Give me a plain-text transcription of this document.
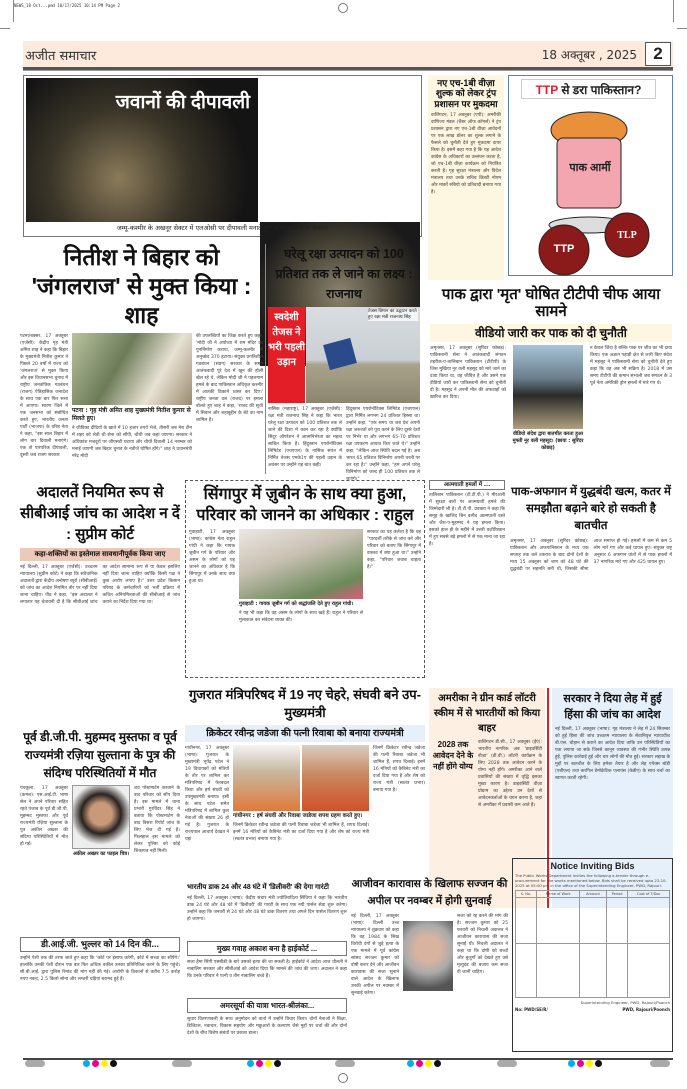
NEWS_18 Oct...pmd 10/17/2025 10:14 PM Page 2
अजीत समाचार	18 अक्तूबर , 2025 2
जवानों की दीपावली
जम्मू-कश्मीर के अखनूर सेक्टर में एलओसी पर दीपावली मनाते हुए भारतीय सेना के जवान।
नए एच-1बी वीज़ा शुल्क को लेकर ट्रंप प्रशासन पर मुकदमा
वाशिंगटन, 17 अक्तूबर (एपी): अमरीकी वाणिज्य मंडल (चैंबर ऑफ कॉमर्स) ने ट्रंप प्रशासन द्वारा नए एच-1बी वीज़ा आवेदनों पर एक लाख डॉलर का शुल्क लगाने के फैसले को चुनौती देते हुए मुकदमा दायर किया है। इसमें कहा गया है कि यह आदेश कांग्रेस के अधिकारों का उल्लंघन करता है, जो एच-1बी वीज़ा कार्यक्रम को नियंत्रित करती है। गृह सुरक्षा मंत्रालय और विदेश मंत्रालय तथा उनके सचिव क्रिस्टी नोएम और मार्को रुबियो को प्रतिवादी बनाया गया है।
TTP
TLP
TTP से डरा पाकिस्तान?
पाक आर्मी
नितीश ने बिहार को 'जंगलराज' से मुक्त किया : शाह
पटना/बक्सर, 17 अक्तूबर (एजेंसी): केंद्रीय गृह मंत्री अमित शाह ने कहा कि बिहार के मुख्यमंत्री नितीश कुमार ने पिछले 20 वर्षों में राज्य को 'जंगलराज' से मुक्त किया और इस विधानसभा चुनाव में राष्ट्रीय जनतांत्रिक गठबंधन (राजग) ऐतिहासिक जनादेश के साथ एक बार फिर सत्ता में आएगा। सारण जिले में एक जनसभा को संबोधित करते हुए, भारतीय जनता पार्टी (भाजपा) के वरिष्ठ नेता ने कहा, "इस साल बिहार में लोग चार दिवाली मनाएंगे। एक तो पारंपरिक दीपावली, दूसरी जब राजग सरकार
पटना : गृह मंत्री अमित शाह मुख्यमंत्री नितीश कुमार से मिलते हुए।
ने जीविका दीदियों के खाते में 10 हजार रुपये भेजे, तीसरी जब मेरा टीम में शहर को लेती थी सेना को सौंपी, चौथी जब कहां जाएगा। सरकार ने अधिकांश मजदूरों पर जीएसटी घटाया और चौथी दिवाली 14 नवम्बर को मनाई जाएगी जब बिहार चुनाव के नतीजे घोषित होंगे।" शाह ने प्रधानमंत्री नरेंद्र मोदी
की उपलब्धियों का जिक्र करते हुए कहा, 'मोदी जी ने अयोध्या में राम मंदिर का पुनर्निर्माण कराया, जम्मू-कश्मीर से अनुच्छेद 370 हटाया। संयुक्त प्रगतिशील गठबंधन (संप्रग) सरकार के समय आतंकवादी पूरे देश में खून की होली खेल रहे थे, लेकिन मोदी जी ने पहलगाम हमले के बाद पाकिस्तान अधिकृत कश्मीर में आतंकी ठिकाने ध्वस्त कर दिए।' राष्ट्रीय जनता दल (राजद) पर हमला बोलते हुए शाह ने कहा, 'राजद की सूची में सिवान और शहाबुद्दीन के बेटे का नाम शामिल है।
घरेलू रक्षा उत्पादन को 100 प्रतिशत तक ले जाने का लक्ष्य : राजनाथ
स्वदेशी तेजस ने भरी पहली उड़ान
तेजस विमान का उद्घाटन करते हुए रक्षा मंत्री राजनाथ सिंह
नासिक (महाराष्ट्र), 17 अक्तूबर (एजेंसी): रक्षा मंत्री राजनाथ सिंह ने कहा कि भारत घरेलू रक्षा उत्पादन को 100 प्रतिशत तक ले जाने की दिशा में काम कर रहा है क्योंकि सिंदूर ऑपरेशन ने आत्मनिर्भरता का महत्व साबित किया है। हिंदुस्तान एयरोनॉटिक्स लिमिटेड (एचएएल) के नासिक संयंत्र में निर्मित तेजस एमके1ए की पहली उड़ान के अवसर पर उन्होंने यह बात कही।
हिंदुस्तान एयरोनॉटिक्स लिमिटेड (एचएएल) द्वारा निर्मित लगभग 24 प्रतिशत हिस्सा था। उन्होंने कहा, "एक समय था जब देश अपनी रक्षा जरूरतों को पूरा करने के लिए दूसरे देशों पर निर्भर था और लगभग 65-70 प्रतिशत रक्षा उपकरण आयात किए जाते थे।" उन्होंने कहा, "लेकिन आज स्थिति बदल गई है। अब भारत 65 प्रतिशत विनिर्माण अपनी धरती पर कर रहा है।" उन्होंने कहा, "हम अपने घरेलू विनिर्माण को जल्द ही 100 प्रतिशत तक ले जाएंगे।"
पाक द्वारा 'मृत' घोषित टीटीपी चीफ आया सामने
वीडियो जारी कर पाक को दी चुनौती
अमृतसर, 17 अक्तूबर (सुरिंदर कोछड़): पाकिस्तानी सेना ने आतंकवादी संगठन तहरीक-ए-तालिबान पाकिस्तान (टीटीपी) के जिस मुखिया नूर वली महसूद को मारे जाने का दावा किया था, वह जीवित है और उसने एक वीडियो जारी कर पाकिस्तानी सेना को चुनौती दी है। महसूद ने अपनी मौत की अफवाहों को खारिज कर दिया।
वीडियो संदेश द्वारा बातचीत करता हुआ मुफ्ती नूर वली महसूद। (छाया : सुरिंदर कोछड़)
न केवल जिंदा है बल्कि पाक पर जीत का भी दावा किया। एक अज्ञात पहाड़ी क्षेत्र से जारी किए संदेश में महसूद ने पाकिस्तानी सेना को चुनौती देते हुए कहा कि वह अब भी सक्रिय है। 2018 में उस समय टीटीपी की कमान संभाली जब संगठन के 3 पूर्व नेता अमेरिकी ड्रोन हमलों में मारे गए थे।
अदालतें नियमित रूप से सीबीआई जांच का आदेश न दें : सुप्रीम कोर्ट
कहा-शक्तियों का इस्तेमाल सावधानीपूर्वक किया जाए
नई दिल्ली, 17 अक्तूबर (एजेंसी): उच्चतम न्यायालय (सुप्रीम कोर्ट) ने कहा कि संवैधानिक अदालतों द्वारा केंद्रीय अन्वेषण ब्यूरो (सीबीआई) को जांच का आदेश नियमित तौर पर नहीं दिया जाना चाहिए। पीठ ने कहा, "इस अदालत ने लगातार यह चेतावनी दी है कि सीबीआई जांच का आदेश सामान्य रूप से या केवल इसलिए नहीं दिया जाना चाहिए क्योंकि किसी पक्ष ने कुछ आरोप लगाए हैं।" उत्तर प्रदेश किसान परिषद के कर्मचारियों को भर्ती प्रक्रिया में कथित अनियमितताओं की सीबीआई से जांच कराने का निर्देश दिया गया था।
सिंगापुर में ज़ुबीन के साथ क्या हुआ, परिवार को जानने का अधिकार : राहुल
गुवाहाटी, 17 अक्तूबर (भाषा): कांग्रेस नेता राहुल गांधी ने कहा कि गायक ज़ुबीन गर्ग के परिवार और असम के लोगों को यह जानने का अधिकार है कि सिंगापुर में उनके साथ क्या हुआ था।
गुवाहाटी : गायक ज़ुबीन गर्ग को श्रद्धांजलि देते हुए राहुल गांधी।
ने यह भी कहा कि वह असम के लोगों के साथ खड़े हैं। राहुल ने परिवार से मुलाकात कर संवेदना व्यक्त की।
सरकार का यह कर्तव्य है कि वह "पारदर्शी तरीके से जांच करे और परिवार को बताए कि सिंगापुर में वास्तव में क्या हुआ था।" उन्होंने कहा, "परिवार जवाब चाहता है।"
आत्मघाती हमलों में ...
तालिबान पाकिस्तान (टी.टी.पी.) ने मीरअली में सुरक्षा बलों पर आत्मघाती हमले की जिम्मेदारी ली है। टी.टी.पी. प्रवक्ता ने कहा कि समूह के खालिद बिन वलीद आत्मघाती दस्ते और जैश-ए-मुहम्मद ने यह हमला किया। इसको हाल ही के महीने में उत्तरी वज़ीरिस्तान में हुए सबसे बड़े हमलों में से एक माना जा रहा है।
पाक-अफगान में युद्धबंदी खत्म, कतर में समझौता बढ़ाने बारे हो सकती है बातचीत
अमृतसर, 17 अक्तूबर (सुरिंदर कोछड़): पाकिस्तान और अफगानिस्तान के मध्य एक सप्ताह तक चले टकराव के बाद दोनों देशों के मध्य 15 अक्तूबर को शाम को 48 घंटे की युद्धबंदी पर सहमति बनी थी, जिसकी सीमा आज समाप्त हो गई। हमलों में कम से कम 5 लोग मारे गए और कई घायल हुए। संयुक्त राष्ट्र अनुसार 6 अफगान प्रांतों में से पाक हमलों में 37 नागरिक मारे गए और 425 घायल हुए।
गुजरात मंत्रिपरिषद में 19 नए चेहरे, संघवी बने उप-मुख्यमंत्री
क्रिकेटर रवीन्द्र जडेजा की पत्नी रिवाबा को बनाया राज्यमंत्री
गांधीनगर, 17 अक्तूबर (भाषा): गुजरात के मुख्यमंत्री भूपेंद्र पटेल ने 19 विधायकों को मंत्रियों के तौर पर शामिल कर मंत्रिपरिषद में फेरबदल किया और हर्ष संघवी को उपमुख्यमंत्री बनाया। इसी के साथ पटेल समेत मंत्रिपरिषद में शामिल कुल नेताओं की संख्या 26 हो गई है। गुजरात के राज्यपाल आचार्य देवव्रत ने यहां
गांधीनगर : हर्ष संघवी और रिवाबा जाडेजा शपथ ग्रहण करते हुए।
जिनमें क्रिकेटर रवीन्द्र जडेजा की पत्नी रिवाबा जडेजा भी शामिल हैं, शपथ दिलाई। इनमें 16 मंत्रियों को कैबिनेट मंत्री का दर्जा दिया गया है और शेष को राज्य मंत्री (स्वतंत्र प्रभार) बनाया गया है।
जिनमें क्रिकेटर रवीन्द्र जडेजा की पत्नी रिवाबा जडेजा भी शामिल हैं, शपथ दिलाई। इनमें 16 मंत्रियों को कैबिनेट मंत्री का दर्जा दिया गया है और शेष को राज्य मंत्री (स्वतंत्र प्रभार) बनाया गया है।
पूर्व डी.जी.पी. मुहम्मद मुस्तफा व पूर्व राज्यमंत्री रज़िया सुल्ताना के पुत्र की संदिग्ध परिस्थितियों में मौत
पंचकूला, 17 अक्तूबर (कमल): एस.आई.टी. भाषा सेल ने अपने परिवार सहित रहते पंजाब के पूर्व डी.जी.पी. मुहम्मद मुस्तफा और पूर्व राज्यमंत्री रज़िया सुल्ताना के पुत्र अकील अख्तर की संदिग्ध परिस्थितियों में मौत हो गई।
अकील अख्तर का फाइल चित्र।
शव पोस्टमार्टम करवाने के बाद परिवार को सौंप दिया है। इस मामले में थाना प्रभारी गुरविंदर सिंह ने बताया कि पोस्टमार्टम के बाद विसरा रिपोर्ट जांच के लिए भेज दी गई है। फिलहाल इस मामले को लेकर पुलिस को कोई शिकायत नहीं मिली।
डी.आई.जी. भुल्लर को 14 दिन की...
उन्होंने पेशी तक की तरफ जाते हुए कहा कि 'कोर्ट पर इंसाफ करेगी, कोर्ट में सच्चा का सौंपेंगे।' हालांकि उनकी पेशी दौरान एक बार फिर अधिक वकील उनका प्रतिनिधित्व करने के लिए पहुंचे। सी.बी.आई. द्वारा पुलिस रिमांड की मांग नहीं की गई। आरोपी के ठिकानों से करीब 7.5 करोड़ रुपए नकद, 2.5 किलो सोना और लग्जरी घड़ियां बरामद हुई हैं।
अमरीका ने ग्रीन कार्ड लॉटरी स्कीम में से भारतीयों को किया बाहर
2028 तक आवेदन देने के नहीं होंगे योग्य
वाशिंगटन डी.सी., 17 अक्तूबर (ईएं): भारतीय नागरिक अब 'डाइवर्सिटी वीज़ा' (डी.वी.) लॉटरी कार्यक्रम के लिए 2028 तक आवेदन करने के योग्य नहीं होंगे। अमरीका आने वाले प्रवासियों की संख्या में वृद्धि इसका मुख्य कारण है। डाइवर्सिटी वीज़ा प्रोग्राम का उद्देश्य उन देशों से आवेदनकर्ताओं के चयन करना है, जहां से अमरीका में प्रवासी कम आते हैं।
सरकार ने दिया लेह में हुई हिंसा की जांच का आदेश
नई दिल्ली, 17 अक्तूबर (भाषा): गृह मंत्रालय ने लेह में 24 सितम्बर को हुई हिंसा की जांच उच्चतम न्यायालय के सेवानिवृत्त न्यायाधीश बी.एस. चौहान से कराने का आदेश दिया ताकि उन परिस्थितियों का पता लगाया जा सके जिनसे कानून व्यवस्था की गंभीर स्थिति उत्पन्न हुई, पुलिस कार्रवाई हुई और चार लोगों की मौत हुई। सरकार लद्दाख के मुद्दों पर बातचीत के लिए हमेशा तैयार है और लेह एपेक्स बॉडी (एबीएल) तथा करगिल डेमोक्रेटिक एलायंस (केडीए) के साथ चर्चा का स्वागत करती रहेगी।
भारतीय डाक 24 और 48 घंटे में 'डिलीवरी' की देगा गारंटी
नई दिल्ली, 17 अक्तूबर (भाषा): केंद्रीय संचार मंत्री ज्योतिरादित्य सिंधिया ने कहा कि भारतीय डाक 24 घंटे और 48 घंटे में 'डिलीवरी' की गारंटी के साथ एक नयी पार्सल सेवा शुरू करेगा। उन्होंने कहा कि जनवरी से 24 घंटे और 48 घंटे डाक वितरण तथा अगले दिन पार्सल वितरण शुरू हो जाएगा।
मुख्य गवाह अकाश बना है हाईकोर्ट ...
सजा हैमा सिंगी एसबीडी के बारे उसको हत्या की जा सकती है। हाईकोर्ट ने आदेश आज धौलती ने नाबालिग सरकार और सीबीआई को आदेश दिया कि मामले की जांच की जाए। अदालत ने कहा कि उनके परिवार ने पत्नी व तीन नाबालिग बच्चे हैं।
अमरसूर्या की यात्रा भारत-श्रीलंका...
सुधार वितरणावली के साथ अनुमोदन को वार्ता में उन्होंने विचार किया। दोनों नेताओं ने शिक्षा, डिजिटल, नवाचार, विकास सहयोग और मछुआरों के कल्याण जैसे मुद्दों पर चर्चा की और दोनों देशों के बीच विशेष संबंधों पर प्रकाश डाला।
आजीवन कारावास के खिलाफ सज्जन की अपील पर नवम्बर में होगी सुनवाई
नई दिल्ली, 17 अक्तूबर (भाषा): दिल्ली उच्च न्यायालय ने शुक्रवार को कहा कि वह 1984 के सिख विरोधी दंगों से जुड़े हत्या के एक मामले में पूर्व कांग्रेस सांसद सज्जन कुमार को दोषी करार देने और आजीवन कारावास की सजा सुनाने वाले आदेश के खिलाफ उनकी अपील पर नवम्बर में सुनवाई करेगा।
सजा को रद्द करने की मांग की है। सज्जन कुमार को 25 फरवरी को निचली अदालत ने आजीवन कारावास की सजा सुनाई थी। निचली अदालत ने कहा था कि दोषी को बच्चों और बुजुर्गों को देखते हुए उसे मृत्युदंड की बजाय कम सजा दी जानी चाहिए।
Notice Inviting Bids
The Public Works Department invites the following e-tender through e-procurement for the works mentioned below. Bids shall be received upto 23-10-2025 at 05:00 pm in the office of the Superintending Engineer, PWD, Rajouri.
S. No.	Name of Work	Amount	Period	Cost of T/Doc

Superintending Engineer, PWD, Rajouri/Poonch
No: PWD/SE/R/	PWD, Rajouri/Poonch
